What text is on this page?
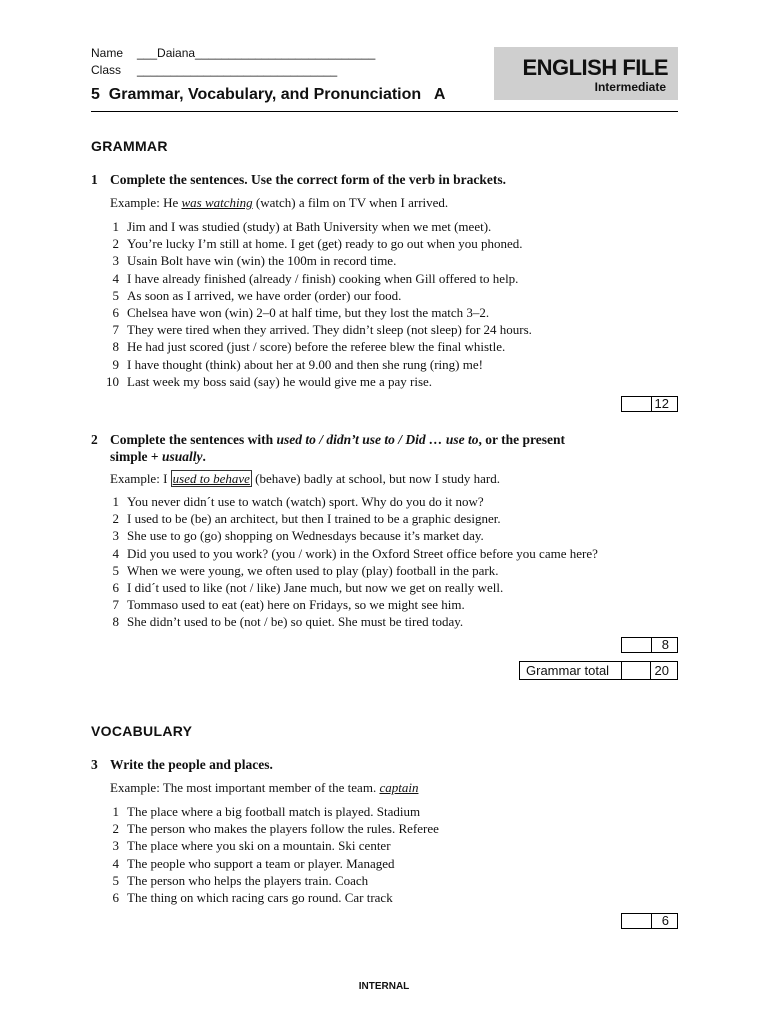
Name ___Daiana___________________________
Class ______________________________
5 Grammar, Vocabulary, and Pronunciation A
ENGLISH FILE
Intermediate
GRAMMAR
1 Complete the sentences. Use the correct form of the verb in brackets.
Example: He was watching (watch) a film on TV when I arrived.
1 Jim and I was studied (study) at Bath University when we met (meet).
2 You’re lucky I’m still at home. I get (get) ready to go out when you phoned.
3 Usain Bolt have win (win) the 100m in record time.
4 I have already finished (already / finish) cooking when Gill offered to help.
5 As soon as I arrived, we have order (order) our food.
6 Chelsea have won (win) 2–0 at half time, but they lost the match 3–2.
7 They were tired when they arrived. They didn’t sleep (not sleep) for 24 hours.
8 He had just scored (just / score) before the referee blew the final whistle.
9 I have thought (think) about her at 9.00 and then she rung (ring) me!
10 Last week my boss said (say) he would give me a pay rise.
12
2 Complete the sentences with used to / didn’t use to / Did … use to, or the present
simple + usually.
Example: I used to behave (behave) badly at school, but now I study hard.
1 You never didn´t use to watch (watch) sport. Why do you do it now?
2 I used to be (be) an architect, but then I trained to be a graphic designer.
3 She use to go (go) shopping on Wednesdays because it’s market day.
4 Did you used to you work? (you / work) in the Oxford Street office before you came here?
5 When we were young, we often used to play (play) football in the park.
6 I did´t used to like (not / like) Jane much, but now we get on really well.
7 Tommaso used to eat (eat) here on Fridays, so we might see him.
8 She didn’t used to be (not / be) so quiet. She must be tired today.
8
Grammar total	20
VOCABULARY
3 Write the people and places.
Example: The most important member of the team. captain
1 The place where a big football match is played. Stadium
2 The person who makes the players follow the rules. Referee
3 The place where you ski on a mountain. Ski center
4 The people who support a team or player. Managed
5 The person who helps the players train. Coach
6 The thing on which racing cars go round. Car track
6
INTERNAL
